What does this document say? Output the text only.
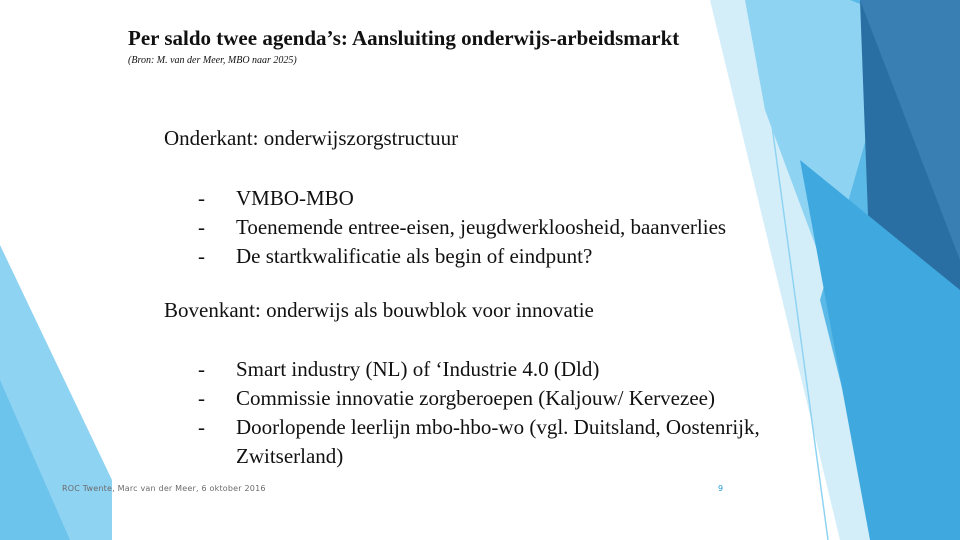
Per saldo twee agenda’s: Aansluiting onderwijs-arbeidsmarkt
(Bron: M. van der Meer, MBO naar 2025)
Onderkant: onderwijszorgstructuur
- VMBO-MBO
- Toenemende entree-eisen, jeugdwerkloosheid, baanverlies
- De startkwalificatie als begin of eindpunt?
Bovenkant: onderwijs als bouwblok voor innovatie
- Smart industry (NL) of ‘Industrie 4.0 (Dld)
- Commissie innovatie zorgberoepen (Kaljouw/ Kervezee)
- Doorlopende leerlijn mbo-hbo-wo (vgl. Duitsland, Oostenrijk, Zwitserland)
ROC Twente, Marc van der Meer, 6 oktober 2016	9
